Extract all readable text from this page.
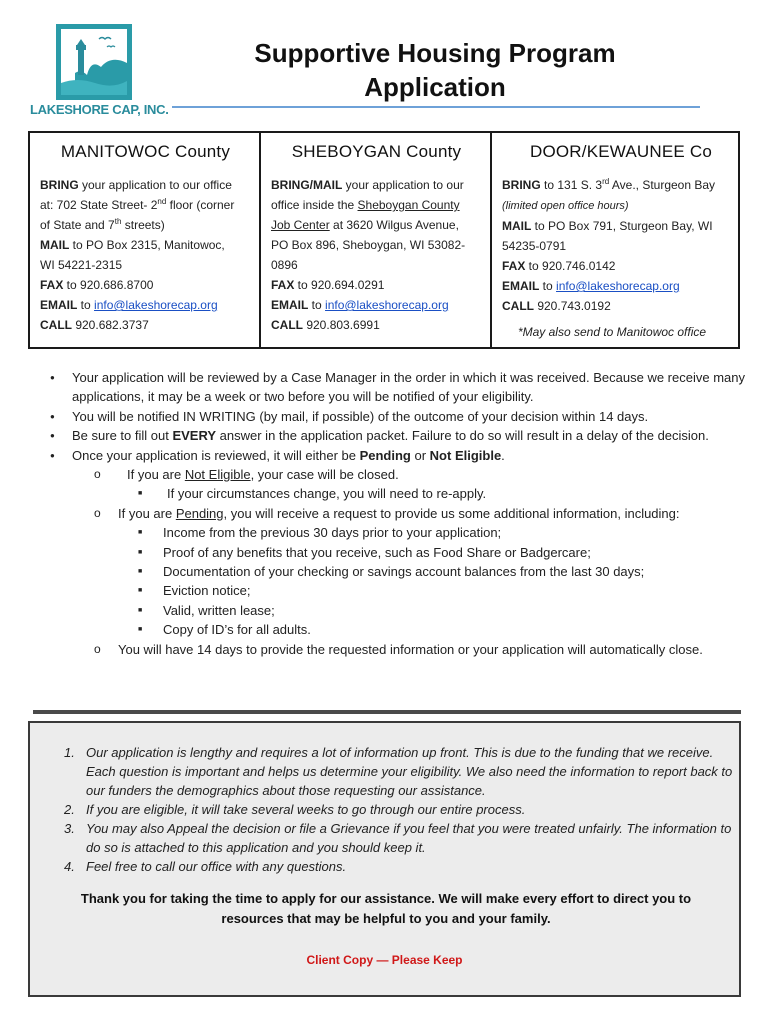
LAKESHORE CAP, INC.
Supportive Housing Program
Application
MANITOWOC County

BRING your application to our office

at: 702 State Street- 2nd floor (corner

of State and 7th streets)

MAIL to PO Box 2315, Manitowoc,

WI 54221-2315

FAX to 920.686.8700

EMAIL to info@lakeshorecap.org

CALL 920.682.3737

SHEBOYGAN County

BRING/MAIL your application to our

office inside the Sheboygan County

Job Center at 3620 Wilgus Avenue,

PO Box 896, Sheboygan, WI 53082-

0896

FAX to 920.694.0291

EMAIL to info@lakeshorecap.org

CALL 920.803.6991

DOOR/KEWAUNEE Co

BRING to 131 S. 3rd Ave., Sturgeon Bay

(limited open office hours)

MAIL to PO Box 791, Sturgeon Bay, WI

54235-0791

FAX to 920.746.0142

EMAIL to info@lakeshorecap.org

CALL 920.743.0192

*May also send to Manitowoc office

● Your application will be reviewed by a Case Manager in the order in which it was received. Because we receive many applications, it may be a week or two before you will be notified of your eligibility.
● You will be notified IN WRITING (by mail, if possible) of the outcome of your decision within 14 days.
● Be sure to fill out EVERY answer in the application packet. Failure to do so will result in a delay of the decision.
● Once your application is reviewed, it will either be Pending or Not Eligible.
o If you are Not Eligible, your case will be closed.
■ If your circumstances change, you will need to re-apply.
o If you are Pending, you will receive a request to provide us some additional information, including:
■ Income from the previous 30 days prior to your application;
■ Proof of any benefits that you receive, such as Food Share or Badgercare;
■ Documentation of your checking or savings account balances from the last 30 days;
■ Eviction notice;
■ Valid, written lease;
■ Copy of ID’s for all adults.
o You will have 14 days to provide the requested information or your application will automatically close.
1. Our application is lengthy and requires a lot of information up front. This is due to the funding that we receive. Each question is important and helps us determine your eligibility. We also need the information to report back to our funders the demographics about those requesting our assistance.
2. If you are eligible, it will take several weeks to go through our entire process.
3. You may also Appeal the decision or file a Grievance if you feel that you were treated unfairly. The information to do so is attached to this application and you should keep it.
4. Feel free to call our office with any questions.
Thank you for taking the time to apply for our assistance. We will make every effort to direct you to resources that may be helpful to you and your family.
Client Copy — Please Keep
